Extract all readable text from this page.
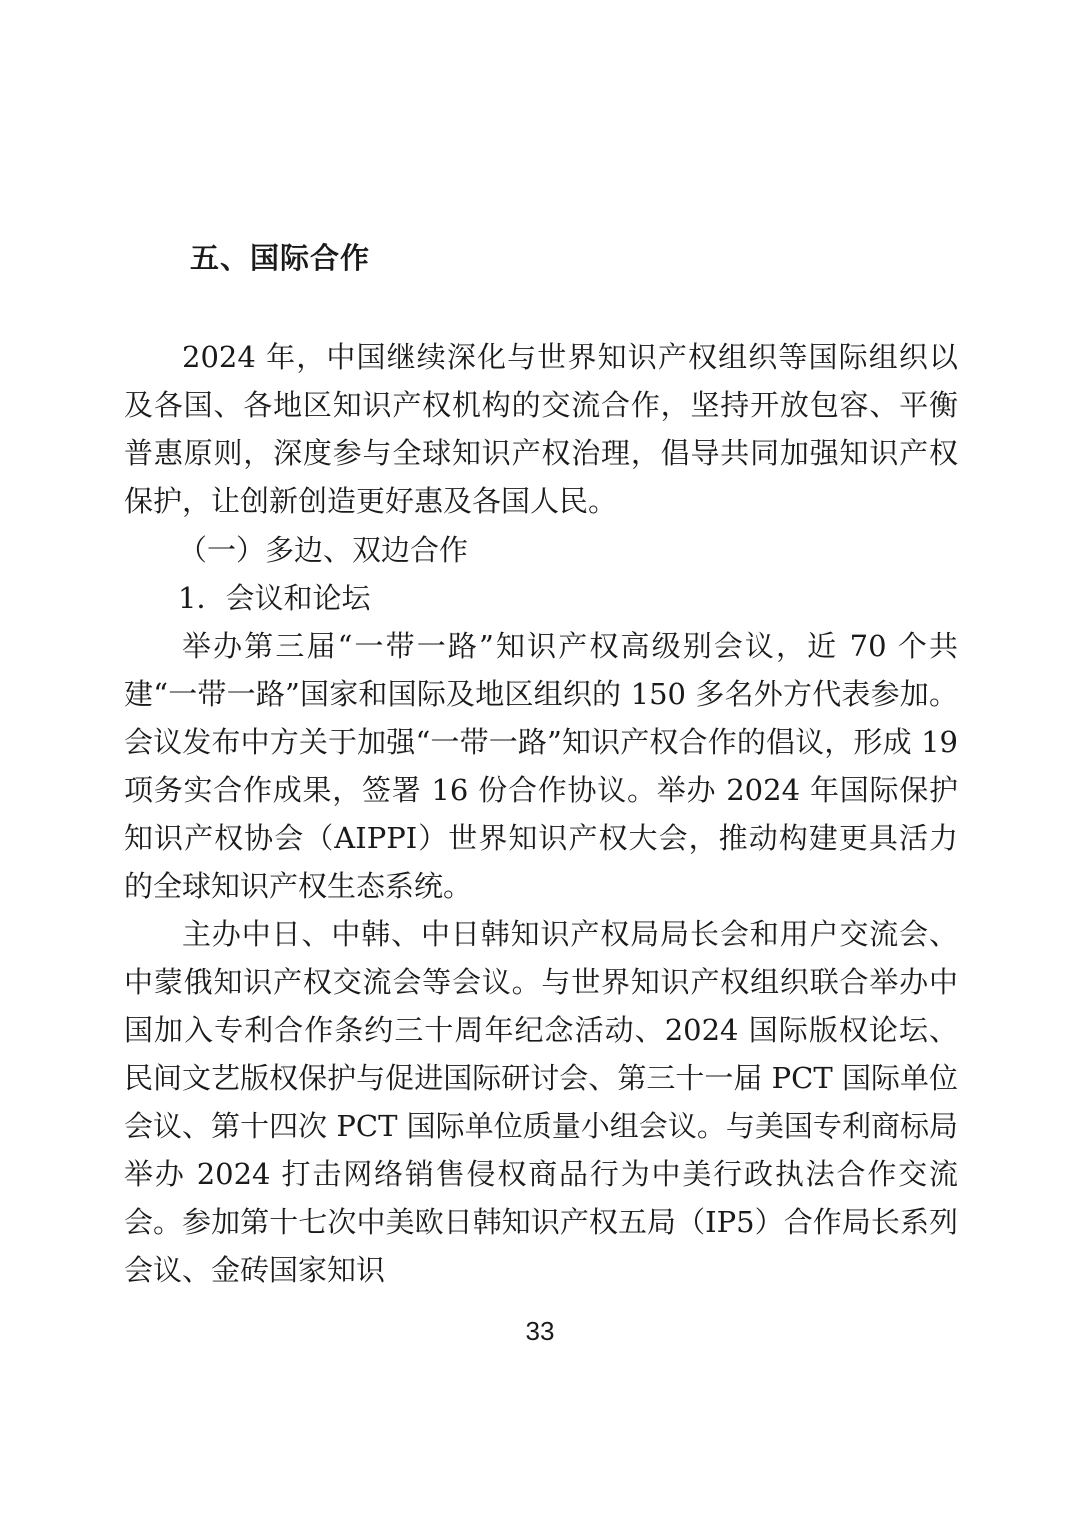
五、国际合作

2024 年，中国继续深化与世界知识产权组织等国际组织以及各国、各地区知识产权机构的交流合作，坚持开放包容、平衡普惠原则，深度参与全球知识产权治理，倡导共同加强知识产权保护，让创新创造更好惠及各国人民。

（一）多边、双边合作
1．会议和论坛

举办第三届“一带一路”知识产权高级别会议，近 70 个共建“一带一路”国家和国际及地区组织的 150 多名外方代表参加。会议发布中方关于加强“一带一路”知识产权合作的倡议，形成 19 项务实合作成果，签署 16 份合作协议。举办 2024 年国际保护知识产权协会（AIPPI）世界知识产权大会，推动构建更具活力的全球知识产权生态系统。

主办中日、中韩、中日韩知识产权局局长会和用户交流会、中蒙俄知识产权交流会等会议。与世界知识产权组织联合举办中国加入专利合作条约三十周年纪念活动、2024 国际版权论坛、民间文艺版权保护与促进国际研讨会、第三十一届 PCT 国际单位会议、第十四次 PCT 国际单位质量小组会议。与美国专利商标局举办 2024 打击网络销售侵权商品行为中美行政执法合作交流会。参加第十七次中美欧日韩知识产权五局（IP5）合作局长系列会议、金砖国家知识

33
